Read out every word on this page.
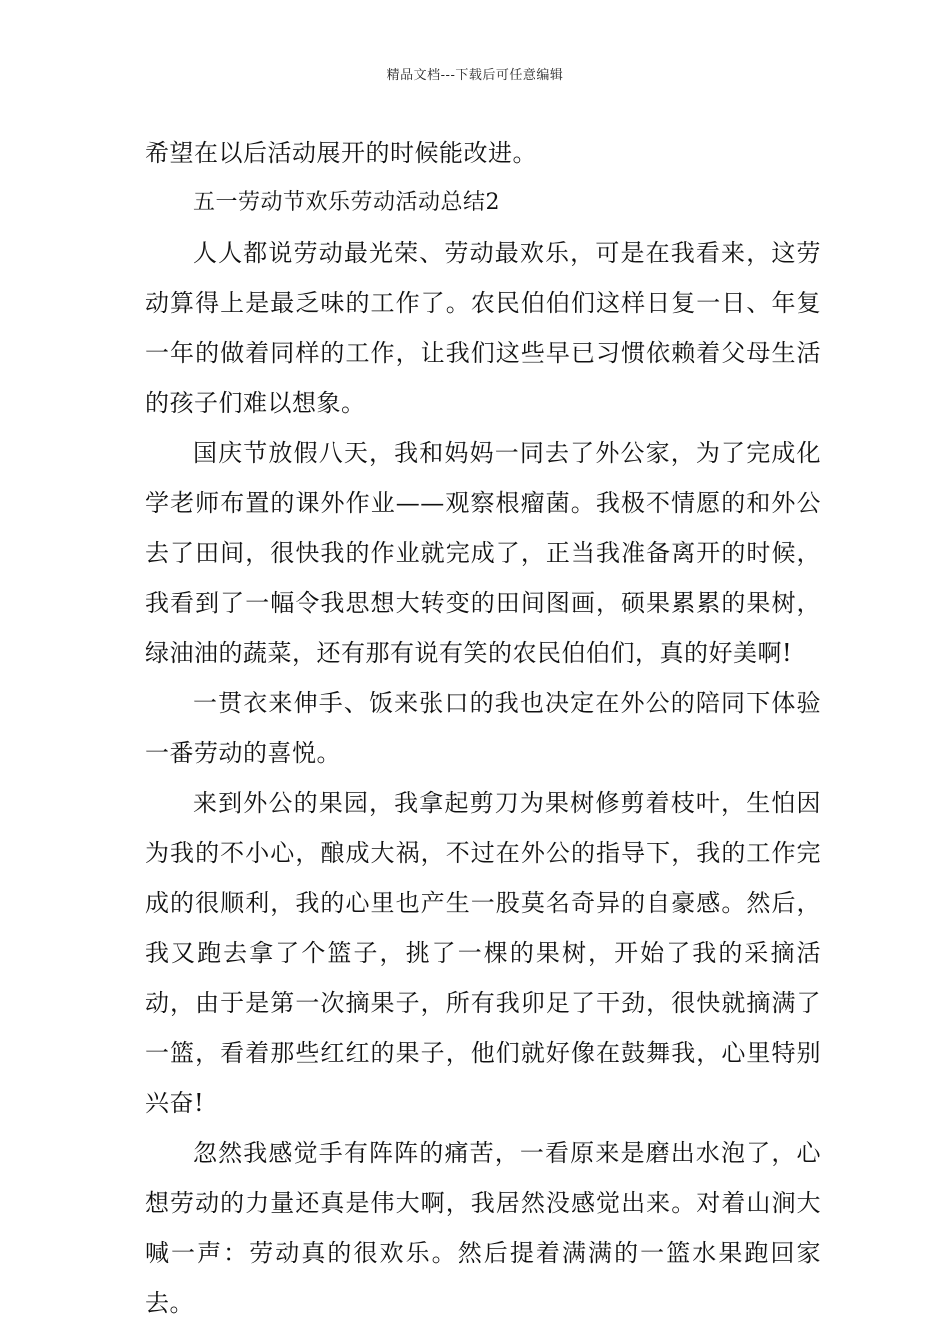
精品文档---下载后可任意编辑

希望在以后活动展开的时候能改进。

五一劳动节欢乐劳动活动总结2

人人都说劳动最光荣、劳动最欢乐，可是在我看来，这劳动算得上是最乏味的工作了。农民伯伯们这样日复一日、年复一年的做着同样的工作，让我们这些早已习惯依赖着父母生活的孩子们难以想象。

国庆节放假八天，我和妈妈一同去了外公家，为了完成化学老师布置的课外作业——观察根瘤菌。我极不情愿的和外公去了田间，很快我的作业就完成了，正当我准备离开的时候，我看到了一幅令我思想大转变的田间图画，硕果累累的果树，绿油油的蔬菜，还有那有说有笑的农民伯伯们，真的好美啊!

一贯衣来伸手、饭来张口的我也决定在外公的陪同下体验一番劳动的喜悦。

来到外公的果园，我拿起剪刀为果树修剪着枝叶，生怕因为我的不小心，酿成大祸，不过在外公的指导下，我的工作完成的很顺利，我的心里也产生一股莫名奇异的自豪感。然后，我又跑去拿了个篮子，挑了一棵的果树，开始了我的采摘活动，由于是第一次摘果子，所有我卯足了干劲，很快就摘满了一篮，看着那些红红的果子，他们就好像在鼓舞我，心里特别兴奋!

忽然我感觉手有阵阵的痛苦，一看原来是磨出水泡了，心想劳动的力量还真是伟大啊，我居然没感觉出来。对着山涧大喊一声：劳动真的很欢乐。然后提着满满的一篮水果跑回家去。
